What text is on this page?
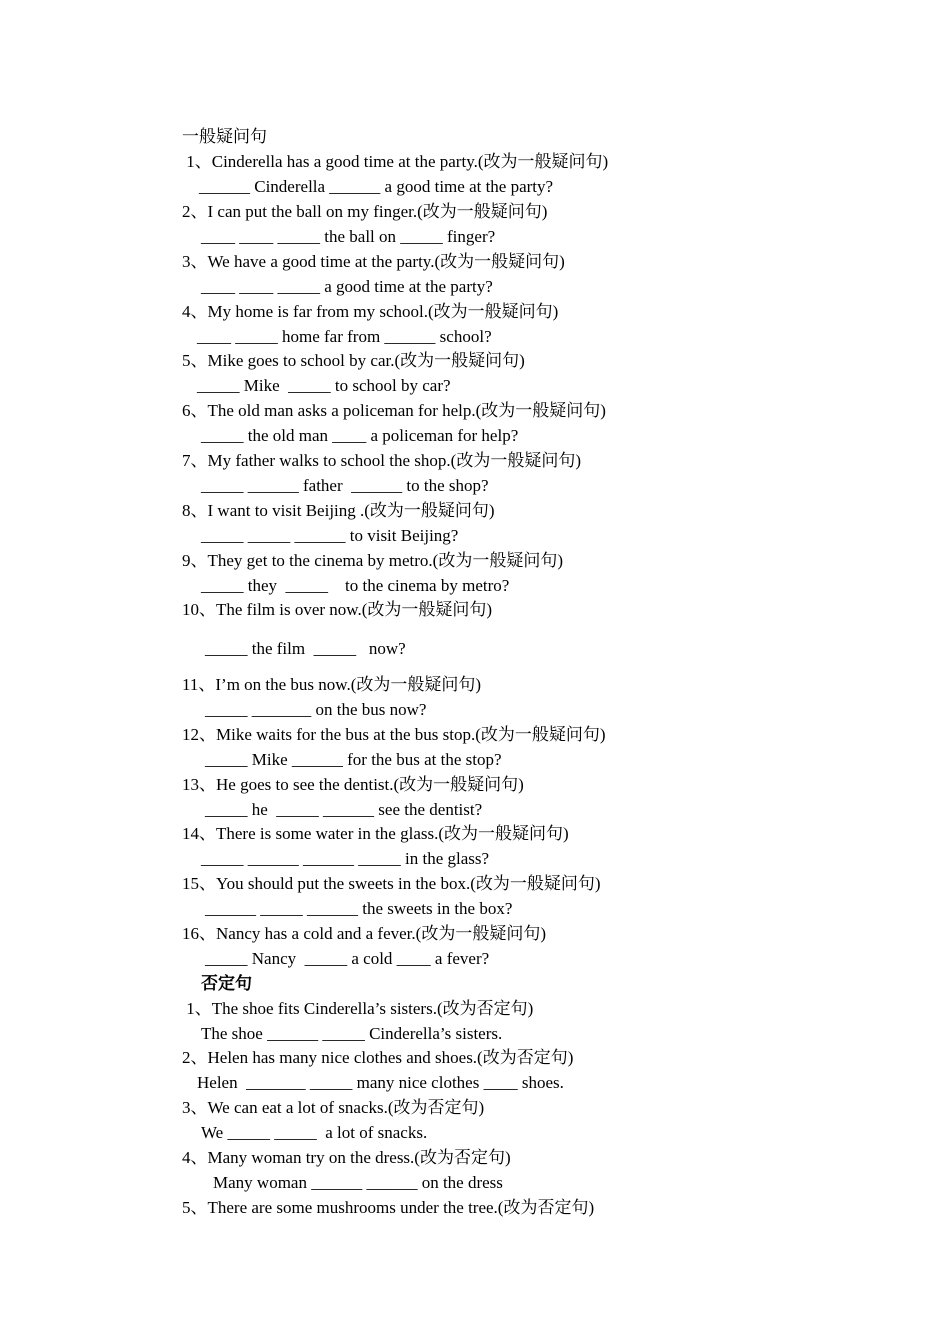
一般疑问句
1、Cinderella has a good time at the party.(改为一般疑问句)
______ Cinderella ______ a good time at the party?
2、I can put the ball on my finger.(改为一般疑问句)
____ ____ _____ the ball on _____ finger?
3、We have a good time at the party.(改为一般疑问句)
____ ____ _____ a good time at the party?
4、My home is far from my school.(改为一般疑问句)
____ _____ home far from ______ school?
5、Mike goes to school by car.(改为一般疑问句)
_____ Mike  _____ to school by car?
6、The old man asks a policeman for help.(改为一般疑问句)
_____ the old man ____ a policeman for help?
7、My father walks to school the shop.(改为一般疑问句)
_____ ______ father  ______ to the shop?
8、I want to visit Beijing .(改为一般疑问句)
_____ _____ ______ to visit Beijing?
9、They get to the cinema by metro.(改为一般疑问句)
_____ they  _____    to the cinema by metro?
10、The film is over now.(改为一般疑问句)
_____ the film  _____   now?
11、I’m on the bus now.(改为一般疑问句)
_____ _______ on the bus now?
12、Mike waits for the bus at the bus stop.(改为一般疑问句)
_____ Mike ______ for the bus at the stop?
13、He goes to see the dentist.(改为一般疑问句)
_____ he  _____ ______ see the dentist?
14、There is some water in the glass.(改为一般疑问句)
_____ ______ ______ _____ in the glass?
15、You should put the sweets in the box.(改为一般疑问句)
______ _____ ______ the sweets in the box?
16、Nancy has a cold and a fever.(改为一般疑问句)
_____ Nancy  _____ a cold ____ a fever?
否定句
1、The shoe fits Cinderella’s sisters.(改为否定句)
The shoe ______ _____ Cinderella’s sisters.
2、Helen has many nice clothes and shoes.(改为否定句)
Helen  _______ _____ many nice clothes ____ shoes.
3、We can eat a lot of snacks.(改为否定句)
We _____ _____  a lot of snacks.
4、Many woman try on the dress.(改为否定句)
Many woman ______ ______ on the dress
5、There are some mushrooms under the tree.(改为否定句)
